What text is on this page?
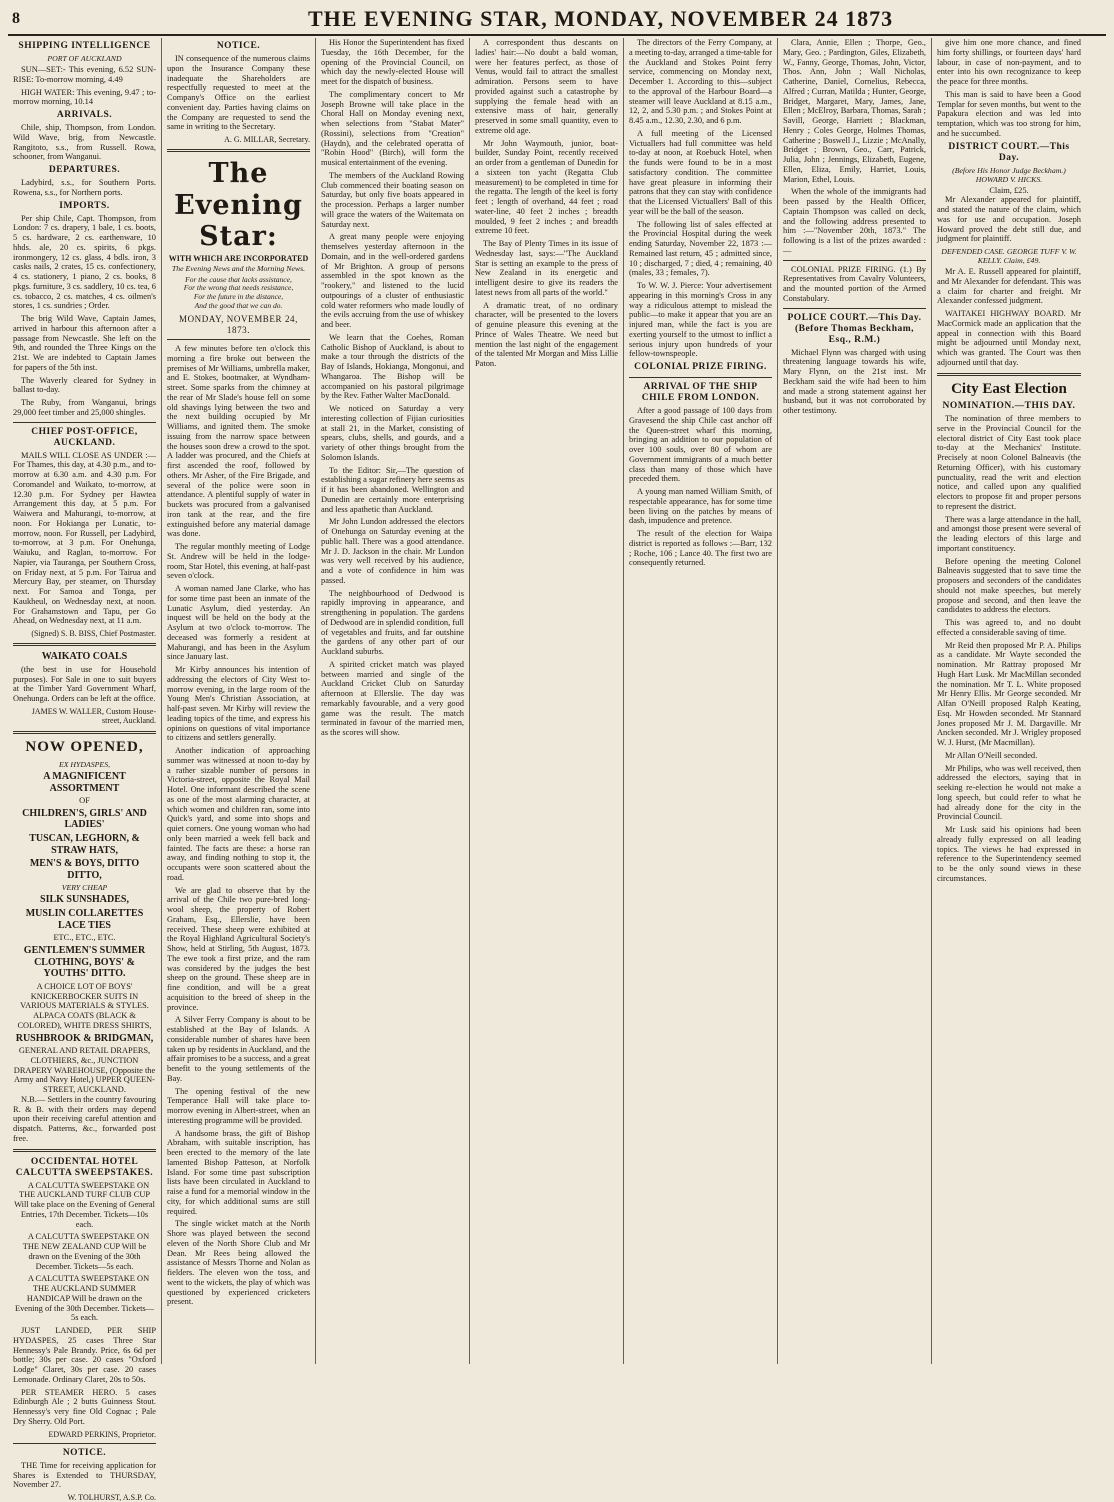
8	THE EVENING STAR, MONDAY, NOVEMBER 24 1873
SHIPPING INTELLIGENCE
PORT OF AUCKLAND

SUN—SET:- This evening, 6.52 SUN-RISE: To-morrow morning, 4.49

HIGH WATER: This evening, 9.47 ; to-morrow morning, 10.14

ARRIVALS.

Chile, ship, Thompson, from London. Wild Wave, brig, from Newcastle. Rangitoto, s.s., from Russell. Rowa, schooner, from Wanganui.

DEPARTURES.

Ladybird, s.s., for Southern Ports. Rowena, s.s., for Northern ports.

IMPORTS.

Per ship Chile, Capt. Thompson, from London: 7 cs. drapery, 1 bale, 1 cs. boots, 5 cs. hardware, 2 cs. earthenware, 10 hhds. ale, 20 cs. spirits, 6 pkgs. ironmongery, 12 cs. glass, 4 bdls. iron, 3 casks nails, 2 crates, 15 cs. confectionery, 4 cs. stationery, 1 piano, 2 cs. books, 8 pkgs. furniture, 3 cs. saddlery, 10 cs. tea, 6 cs. tobacco, 2 cs. matches, 4 cs. oilmen's stores, 1 cs. sundries ; Order.

The brig Wild Wave, Captain James, arrived in harbour this afternoon after a passage from Newcastle. She left on the 9th, and rounded the Three Kings on the 21st. We are indebted to Captain James for papers of the 5th inst.

The Waverly cleared for Sydney in ballast to-day.

The Ruby, from Wanganui, brings 29,000 feet timber and 25,000 shingles.

CHIEF POST-OFFICE, AUCKLAND.

MAILS WILL CLOSE AS UNDER :— For Thames, this day, at 4.30 p.m., and to-morrow at 6.30 a.m. and 4.30 p.m. For Coromandel and Waikato, to-morrow, at 12.30 p.m. For Sydney per Hawtea Arrangement this day, at 5 p.m. For Waiwera and Mahurangi, to-morrow, at noon. For Hokianga per Lunatic, to-morrow, noon. For Russell, per Ladybird, to-morrow, at 3 p.m. For Onehunga, Waiuku, and Raglan, to-morrow. For Napier, via Tauranga, per Southern Cross, on Friday next, at 5 p.m. For Tairua and Mercury Bay, per steamer, on Thursday next. For Samoa and Tonga, per Kaukheul, on Wednesday next, at noon. For Grahamstown and Tapu, per Go Ahead, on Wednesday next, at 11 a.m.

(Signed) S. B. BISS, Chief Postmaster.
WAIKATO COALS

(the best in use for Household purposes). For Sale in one to suit buyers at the Timber Yard Government Wharf, Onehunga. Orders can be left at the office.

JAMES W. WALLER, Custom House-street, Auckland.
NOW OPENED,
EX HYDASPES,
A MAGNIFICENT ASSORTMENT
OF
CHILDREN'S, GIRLS' AND LADIES'
TUSCAN, LEGHORN, & STRAW HATS,
MEN'S & BOYS, DITTO DITTO,
VERY CHEAP
SILK SUNSHADES,
MUSLIN COLLARETTES LACE TIES
ETC., ETC., ETC.
GENTLEMEN'S SUMMER CLOTHING, BOYS' & YOUTHS' DITTO.
A CHOICE LOT OF BOYS' KNICKERBOCKER SUITS IN VARIOUS MATERIALS & STYLES. ALPACA COATS (BLACK & COLORED), WHITE DRESS SHIRTS,
RUSHBROOK & BRIDGMAN,
GENERAL AND RETAIL DRAPERS, CLOTHIERS, &c., JUNCTION DRAPERY WAREHOUSE, (Opposite the Army and Navy Hotel,) UPPER QUEEN-STREET, AUCKLAND.

N.B.— Settlers in the country favouring R. & B. with their orders may depend upon their receiving careful attention and dispatch. Patterns, &c., forwarded post free.

OCCIDENTAL HOTEL CALCUTTA SWEEPSTAKES.

A CALCUTTA SWEEPSTAKE ON THE AUCKLAND TURF CLUB CUP Will take place on the Evening of General Entries, 17th December. Tickets—10s each.

A CALCUTTA SWEEPSTAKE ON THE NEW ZEALAND CUP Will be drawn on the Evening of the 30th December. Tickets—5s each.

A CALCUTTA SWEEPSTAKE ON THE AUCKLAND SUMMER HANDICAP Will be drawn on the Evening of the 30th December. Tickets—5s each.

JUST LANDED, PER SHIP HYDASPES, 25 cases Three Star Hennessy's Pale Brandy. Price, 6s 6d per bottle; 30s per case. 20 cases "Oxford Lodge" Claret, 30s per case. 20 cases Lemonade. Ordinary Claret, 20s to 50s.

PER STEAMER HERO. 5 cases Edinburgh Ale ; 2 butts Guinness Stout. Hennessy's very fine Old Cognac ; Pale Dry Sherry. Old Port.

EDWARD PERKINS, Proprietor.
NOTICE.

THE Time for receiving application for Shares is Extended to THURSDAY, November 27.

W. TOLHURST, A.S.P. Co.
NOTICE.

IN consequence of the numerous claims upon the Insurance Company these inadequate the Shareholders are respectfully requested to meet at the Company's Office on the earliest convenient day. Parties having claims on the Company are requested to send the same in writing to the Secretary.

A. G. MILLAR, Secretary.
The Evening Star:
WITH WHICH ARE INCORPORATED
The Evening News and the Morning News.
For the cause that lacks assistance,
For the wrong that needs resistance,
For the future in the distance,
And the good that we can do.
MONDAY, NOVEMBER 24, 1873.

A few minutes before ten o'clock this morning a fire broke out between the premises of Mr Williams, umbrella maker, and E. Stokes, bootmaker, at Wyndham-street. Some sparks from the chimney at the rear of Mr Slade's house fell on some old shavings lying between the two and the next building occupied by Mr Williams, and ignited them. The smoke issuing from the narrow space between the houses soon drew a crowd to the spot. A ladder was procured, and the Chiefs at first ascended the roof, followed by others. Mr Asher, of the Fire Brigade, and several of the police were soon in attendance. A plentiful supply of water in buckets was procured from a galvanised iron tank at the rear, and the fire extinguished before any material damage was done.

The regular monthly meeting of Lodge St. Andrew will be held in the lodge-room, Star Hotel, this evening, at half-past seven o'clock.

A woman named Jane Clarke, who has for some time past been an inmate of the Lunatic Asylum, died yesterday. An inquest will be held on the body at the Asylum at two o'clock to-morrow. The deceased was formerly a resident at Mahurangi, and has been in the Asylum since January last.

Mr Kirby announces his intention of addressing the electors of City West to-morrow evening, in the large room of the Young Men's Christian Association, at half-past seven. Mr Kirby will review the leading topics of the time, and express his opinions on questions of vital importance to citizens and settlers generally.

Another indication of approaching summer was witnessed at noon to-day by a rather sizable number of persons in Victoria-street, opposite the Royal Mail Hotel. One informant described the scene as one of the most alarming character, at which women and children ran, some into Quick's yard, and some into shops and quiet corners. One young woman who had only been married a week fell back and fainted. The facts are these: a horse ran away, and finding nothing to stop it, the occupants were soon scattered about the road.

We are glad to observe that by the arrival of the Chile two pure-bred long-wool sheep, the property of Robert Graham, Esq., Ellerslie, have been received. These sheep were exhibited at the Royal Highland Agricultural Society's Show, held at Stirling, 5th August, 1873. The ewe took a first prize, and the ram was considered by the judges the best sheep on the ground. These sheep are in fine condition, and will be a great acquisition to the breed of sheep in the province.

A Silver Ferry Company is about to be established at the Bay of Islands. A considerable number of shares have been taken up by residents in Auckland, and the affair promises to be a success, and a great benefit to the young settlements of the Bay.

The opening festival of the new Temperance Hall will take place to-morrow evening in Albert-street, when an interesting programme will be provided.

A handsome brass, the gift of Bishop Abraham, with suitable inscription, has been erected to the memory of the late lamented Bishop Patteson, at Norfolk Island. For some time past subscription lists have been circulated in Auckland to raise a fund for a memorial window in the city, for which additional sums are still required.

The single wicket match at the North Shore was played between the second eleven of the North Shore Club and Mr Dean. Mr Rees being allowed the assistance of Messrs Thorne and Nolan as fielders. The eleven won the toss, and went to the wickets, the play of which was questioned by experienced cricketers present.

His Honor the Superintendent has fixed Tuesday, the 16th December, for the opening of the Provincial Council, on which day the newly-elected House will meet for the dispatch of business.

The complimentary concert to Mr Joseph Browne will take place in the Choral Hall on Monday evening next, when selections from "Stabat Mater" (Rossini), selections from "Creation" (Haydn), and the celebrated operatta of "Robin Hood" (Birch), will form the musical entertainment of the evening.

The members of the Auckland Rowing Club commenced their boating season on Saturday, but only five boats appeared in the procession. Perhaps a larger number will grace the waters of the Waitemata on Saturday next.

A great many people were enjoying themselves yesterday afternoon in the Domain, and in the well-ordered gardens of Mr Brighton. A group of persons assembled in the spot known as the "rookery," and listened to the lucid outpourings of a cluster of enthusiastic cold water reformers who made loudly of the evils accruing from the use of whiskey and beer.

We learn that the Coehes, Roman Catholic Bishop of Auckland, is about to make a tour through the districts of the Bay of Islands, Hokianga, Mongonui, and Whangaroa. The Bishop will be accompanied on his pastoral pilgrimage by the Rev. Father Walter MacDonald.

We noticed on Saturday a very interesting collection of Fijian curiosities at stall 21, in the Market, consisting of spears, clubs, shells, and gourds, and a variety of other things brought from the Solomon Islands.

To the Editor: Sir,—The question of establishing a sugar refinery here seems as if it has been abandoned. Wellington and Dunedin are certainly more enterprising and less apathetic than Auckland.

Mr John Lundon addressed the electors of Onehunga on Saturday evening at the public hall. There was a good attendance. Mr J. D. Jackson in the chair. Mr Lundon was very well received by his audience, and a vote of confidence in him was passed.

The neighbourhood of Dedwood is rapidly improving in appearance, and strengthening in population. The gardens of Dedwood are in splendid condition, full of vegetables and fruits, and far outshine the gardens of any other part of our Auckland suburbs.

A spirited cricket match was played between married and single of the Auckland Cricket Club on Saturday afternoon at Ellerslie. The day was remarkably favourable, and a very good game was the result. The match terminated in favour of the married men, as the scores will show.

A correspondent thus descants on ladies' hair:—No doubt a bald woman, were her features perfect, as those of Venus, would fail to attract the smallest admiration. Persons seem to have provided against such a catastrophe by supplying the female head with an extensive mass of hair, generally preserved in some small quantity, even to extreme old age.

Mr John Waymouth, junior, boat-builder, Sunday Point, recently received an order from a gentleman of Dunedin for a sixteen ton yacht (Regatta Club measurement) to be completed in time for the regatta. The length of the keel is forty feet ; length of overhand, 44 feet ; road water-line, 40 feet 2 inches ; breadth moulded, 9 feet 2 inches ; and breadth extreme 10 feet.

The Bay of Plenty Times in its issue of Wednesday last, says:—"The Auckland Star is setting an example to the press of New Zealand in its energetic and intelligent desire to give its readers the latest news from all parts of the world."

A dramatic treat, of no ordinary character, will be presented to the lovers of genuine pleasure this evening at the Prince of Wales Theatre. We need but mention the last night of the engagement of the talented Mr Morgan and Miss Lillie Paton.

The directors of the Ferry Company, at a meeting to-day, arranged a time-table for the Auckland and Stokes Point ferry service, commencing on Monday next, December 1. According to this—subject to the approval of the Harbour Board—a steamer will leave Auckland at 8.15 a.m., 12, 2, and 5.30 p.m. ; and Stokes Point at 8.45 a.m., 12.30, 2.30, and 6 p.m.

A full meeting of the Licensed Victuallers had full committee was held to-day at noon, at Roebuck Hotel, when the funds were found to be in a most satisfactory condition. The committee have great pleasure in informing their patrons that they can stay with confidence that the Licensed Victuallers' Ball of this year will be the ball of the season.

The following list of sales effected at the Provincial Hospital during the week ending Saturday, November 22, 1873 :—Remained last return, 45 ; admitted since, 10 ; discharged, 7 ; died, 4 ; remaining, 40 (males, 33 ; females, 7).

To W. W. J. Pierce: Your advertisement appearing in this morning's Cross in any way a ridiculous attempt to mislead the public—to make it appear that you are an injured man, while the fact is you are exerting yourself to the utmost to inflict a serious injury upon hundreds of your fellow-townspeople.

COLONIAL PRIZE FIRING.
ARRIVAL OF THE SHIP CHILE FROM LONDON.

After a good passage of 100 days from Gravesend the ship Chile cast anchor off the Queen-street wharf this morning, bringing an addition to our population of over 100 souls, over 80 of whom are Government immigrants of a much better class than many of those which have preceded them.

A young man named William Smith, of respectable appearance, has for some time been living on the patches by means of dash, impudence and pretence.

The result of the election for Waipa district is reported as follows :—Barr, 132 ; Roche, 106 ; Lance 40. The first two are consequently returned.

Clara, Annie, Ellen ; Thorpe, Geo., Mary, Geo. ; Pardington, Giles, Elizabeth, W., Fanny, George, Thomas, John, Victor, Thos. Ann, John ; Wall Nicholas, Catherine, Daniel, Cornelius, Rebecca, Alfred ; Curran, Matilda ; Hunter, George, Bridget, Margaret, Mary, James, Jane, Ellen ; McElroy, Barbara, Thomas, Sarah ; Savill, George, Harriett ; Blackman, Henry ; Coles George, Holmes Thomas, Catherine ; Boswell J., Lizzie ; McAnally, Bridget ; Brown, Geo., Carr, Patrick, Julia, John ; Jennings, Elizabeth, Eugene, Ellen, Eliza, Emily, Harriet, Louis, Marion, Ethel, Louis.

When the whole of the immigrants had been passed by the Health Officer, Captain Thompson was called on deck, and the following address presented to him :—"November 20th, 1873." The following is a list of the prizes awarded :—

COLONIAL PRIZE FIRING. (1.) By Representatives from Cavalry Volunteers, and the mounted portion of the Armed Constabulary.

POLICE COURT.—This Day. (Before Thomas Beckham, Esq., R.M.)

Michael Flynn was charged with using threatening language towards his wife, Mary Flynn, on the 21st inst. Mr Beckham said the wife had been to him and made a strong statement against her husband, but it was not corroborated by other testimony.

give him one more chance, and fined him forty shillings, or fourteen days' hard labour, in case of non-payment, and to enter into his own recognizance to keep the peace for three months.

This man is said to have been a Good Templar for seven months, but went to the Papakura election and was led into temptation, which was too strong for him, and he succumbed.

DISTRICT COURT.—This Day.
(Before His Honor Judge Beckham.) HOWARD V. HICKS.
Claim, £25.

Mr Alexander appeared for plaintiff, and stated the nature of the claim, which was for use and occupation. Joseph Howard proved the debt still due, and judgment for plaintiff.

DEFENDED CASE. GEORGE TUFF V. W. KELLY. Claim, £49.

Mr A. E. Russell appeared for plaintiff, and Mr Alexander for defendant. This was a claim for charter and freight. Mr Alexander confessed judgment.

WAITAKEI HIGHWAY BOARD. Mr MacCormick made an application that the appeal in connection with this Board might be adjourned until Monday next, which was granted. The Court was then adjourned until that day.

City East Election
NOMINATION.—THIS DAY.

The nomination of three members to serve in the Provincial Council for the electoral district of City East took place to-day at the Mechanics' Institute. Precisely at noon Colonel Balneavis (the Returning Officer), with his customary punctuality, read the writ and election notice, and called upon any qualified electors to propose fit and proper persons to represent the district.

There was a large attendance in the hall, and amongst those present were several of the leading electors of this large and important constituency.

Before opening the meeting Colonel Balneavis suggested that to save time the proposers and seconders of the candidates should not make speeches, but merely propose and second, and then leave the candidates to address the electors.

This was agreed to, and no doubt effected a considerable saving of time.

Mr Reid then proposed Mr P. A. Philips as a candidate. Mr Wayte seconded the nomination. Mr Rattray proposed Mr Hugh Hart Lusk. Mr MacMillan seconded the nomination. Mr T. L. White proposed Mr Henry Ellis. Mr George seconded. Mr Alfan O'Neill proposed Ralph Keating, Esq. Mr Howden seconded. Mr Stannard Jones proposed Mr J. M. Dargaville. Mr Ancken seconded. Mr J. Wrigley proposed W. J. Hurst, (Mr Macmillan).

Mr Allan O'Neill seconded.

Mr Philips, who was well received, then addressed the electors, saying that in seeking re-election he would not make a long speech, but could refer to what he had already done for the city in the Provincial Council.

Mr Lusk said his opinions had been already fully expressed on all leading topics. The views he had expressed in reference to the Superintendency seemed to be the only sound views in these circumstances.
